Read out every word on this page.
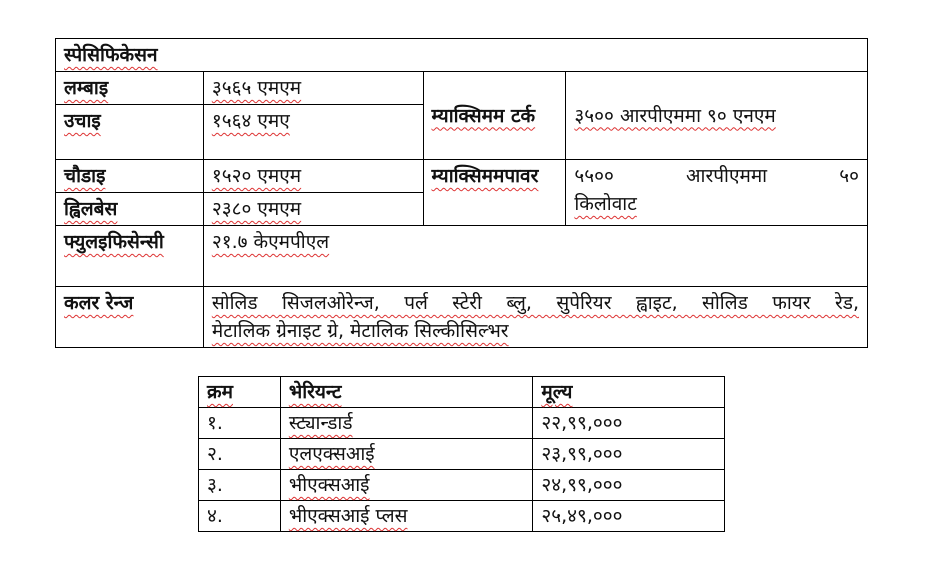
स्पेसिफिकेसन			
लम्बाइ	३५६५ एमएम	म्याक्सिमम टर्क	३५०० आरपीएममा ९० एनएम
उचाइ	१५६४ एमए		
चौडाइ	१५२० एमएम	म्याक्सिममपावर	५५०० आरपीएममा ५०
किलोवाट

ह्विलबेस	२३८० एमएम		
फ्युलइफिसेन्सी	२१.७ केएमपीएल		
कलर रेन्ज	सोलिड सिजलओरेन्ज, पर्ल स्टेरी ब्लु, सुपेरियर ह्वाइट, सोलिड फायर रेड,
मेटालिक ग्रेनाइट ग्रे, मेटालिक सिल्कीसिल्भर		
क्रम	भेरियन्ट	मूल्य
१.	स्ट्यान्डार्ड	२२,९९,०००
२.	एलएक्सआई	२३,९९,०००
३.	भीएक्सआई	२४,९९,०००
४.	भीएक्सआई प्लस	२५,४९,०००
